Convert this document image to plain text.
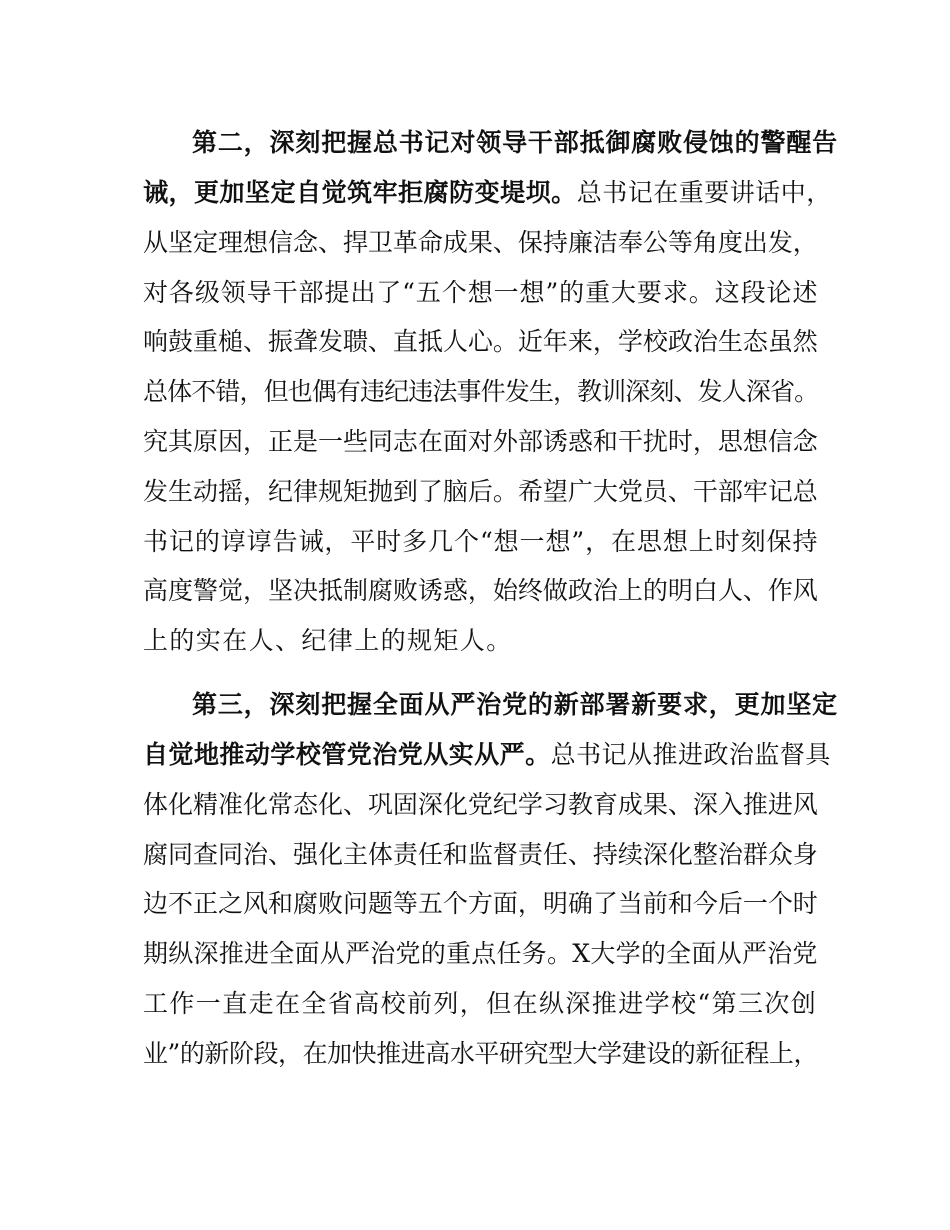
第二，深刻把握总书记对领导干部抵御腐败侵蚀的警醒告
诫，更加坚定自觉筑牢拒腐防变堤坝。总书记在重要讲话中，
从坚定理想信念、捍卫革命成果、保持廉洁奉公等角度出发，
对各级领导干部提出了“五个想一想”的重大要求。这段论述
响鼓重槌、振聋发聩、直抵人心。近年来，学校政治生态虽然
总体不错，但也偶有违纪违法事件发生，教训深刻、发人深省。
究其原因，正是一些同志在面对外部诱惑和干扰时，思想信念
发生动摇，纪律规矩抛到了脑后。希望广大党员、干部牢记总
书记的谆谆告诫，平时多几个“想一想”，在思想上时刻保持
高度警觉，坚决抵制腐败诱惑，始终做政治上的明白人、作风
上的实在人、纪律上的规矩人。
第三，深刻把握全面从严治党的新部署新要求，更加坚定
自觉地推动学校管党治党从实从严。总书记从推进政治监督具
体化精准化常态化、巩固深化党纪学习教育成果、深入推进风
腐同查同治、强化主体责任和监督责任、持续深化整治群众身
边不正之风和腐败问题等五个方面，明确了当前和今后一个时
期纵深推进全面从严治党的重点任务。X大学的全面从严治党
工作一直走在全省高校前列，但在纵深推进学校“第三次创
业”的新阶段，在加快推进高水平研究型大学建设的新征程上，
